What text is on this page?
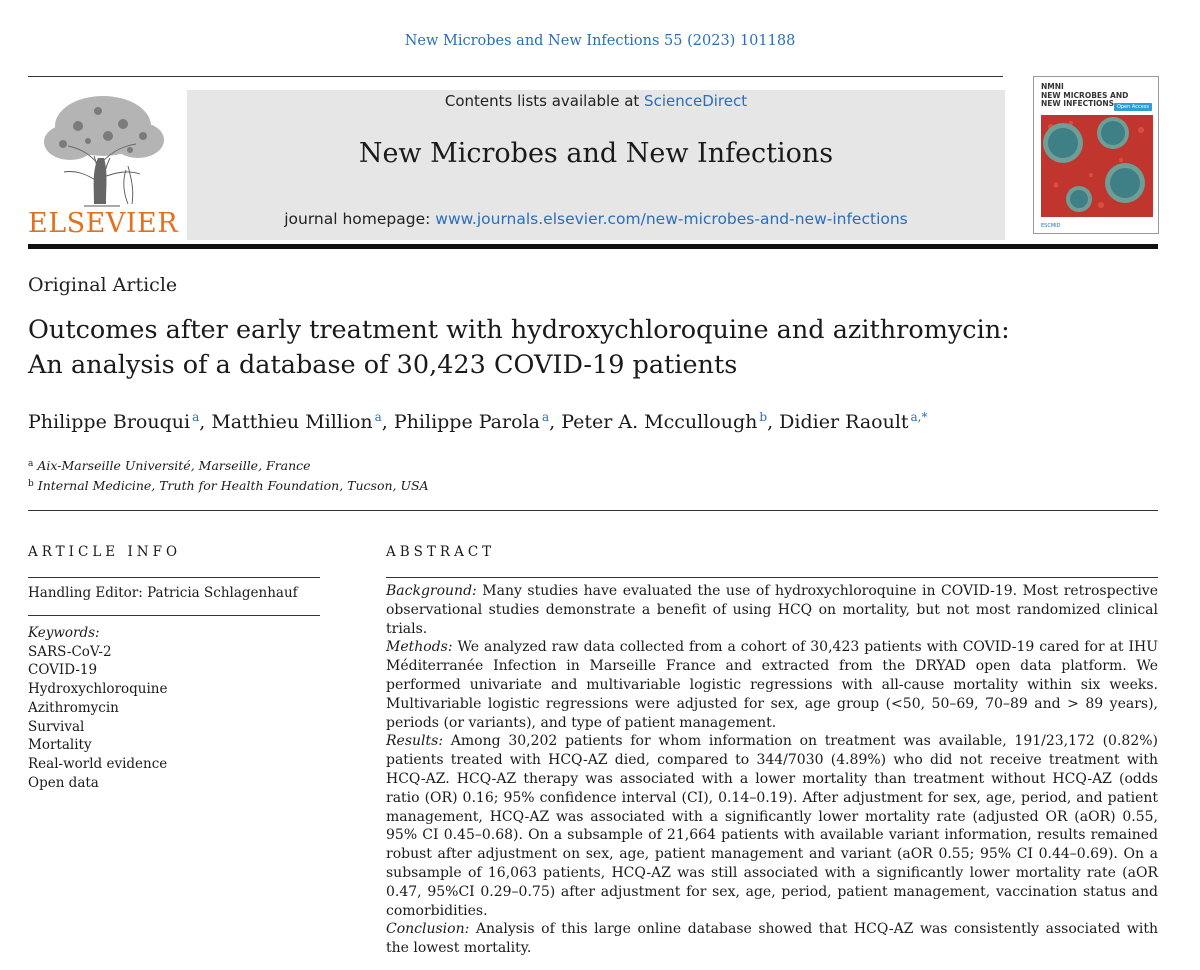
New Microbes and New Infections 55 (2023) 101188
ELSEVIER
Contents lists available at ScienceDirect
New Microbes and New Infections
journal homepage: www.journals.elsevier.com/new-microbes-and-new-infections
NMNI
NEW MICROBES AND
NEW INFECTIONS Open Access
ESCMID
Original Article
Outcomes after early treatment with hydroxychloroquine and azithromycin: An analysis of a database of 30,423 COVID-19 patients
Philippe Brouqui $^a$, Matthieu Million $^a$, Philippe Parola $^a$, Peter A. Mccullough $^b$, Didier Raoult $^{a,*}$
$^a$ Aix-Marseille Université, Marseille, France
$^b$ Internal Medicine, Truth for Health Foundation, Tucson, USA
ARTICLE INFO
Handling Editor: Patricia Schlagenhauf
Keywords:
SARS-CoV-2
COVID-19
Hydroxychloroquine
Azithromycin
Survival
Mortality
Real-world evidence
Open data
ABSTRACT

Background: Many studies have evaluated the use of hydroxychloroquine in COVID-19. Most retrospective observational studies demonstrate a benefit of using HCQ on mortality, but not most randomized clinical trials.

Methods: We analyzed raw data collected from a cohort of 30,423 patients with COVID-19 cared for at IHU Méditerranée Infection in Marseille France and extracted from the DRYAD open data platform. We performed univariate and multivariable logistic regressions with all-cause mortality within six weeks. Multivariable logistic regressions were adjusted for sex, age group (<50, 50–69, 70–89 and > 89 years), periods (or variants), and type of patient management.

Results: Among 30,202 patients for whom information on treatment was available, 191/23,172 (0.82%) patients treated with HCQ-AZ died, compared to 344/7030 (4.89%) who did not receive treatment with HCQ-AZ. HCQ-AZ therapy was associated with a lower mortality than treatment without HCQ-AZ (odds ratio (OR) 0.16; 95% confidence interval (CI), 0.14–0.19). After adjustment for sex, age, period, and patient management, HCQ-AZ was associated with a significantly lower mortality rate (adjusted OR (aOR) 0.55, 95% CI 0.45–0.68). On a subsample of 21,664 patients with available variant information, results remained robust after adjustment on sex, age, patient management and variant (aOR 0.55; 95% CI 0.44–0.69). On a subsample of 16,063 patients, HCQ-AZ was still associated with a significantly lower mortality rate (aOR 0.47, 95%CI 0.29–0.75) after adjustment for sex, age, period, patient management, vaccination status and comorbidities.

Conclusion: Analysis of this large online database showed that HCQ-AZ was consistently associated with the lowest mortality.
